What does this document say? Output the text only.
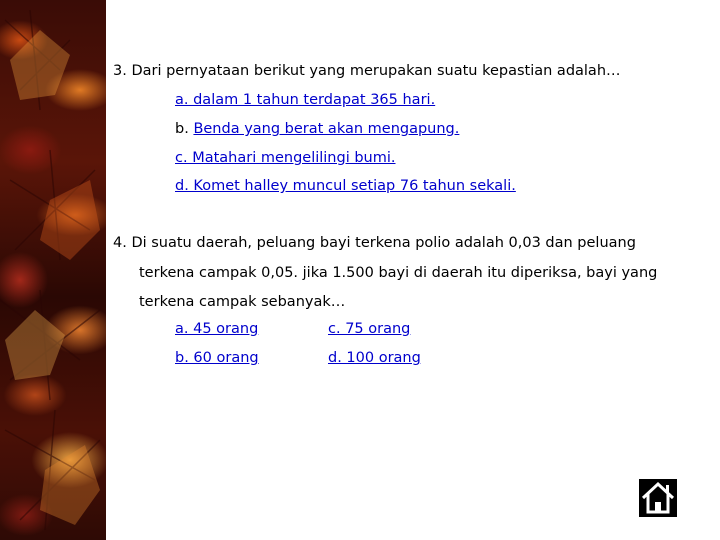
3. Dari pernyataan berikut yang merupakan suatu kepastian adalah…
a. dalam 1 tahun terdapat 365 hari.
b. Benda yang berat akan mengapung.
c. Matahari mengelilingi bumi.
d. Komet halley muncul setiap 76 tahun sekali.
4. Di suatu daerah, peluang bayi terkena polio adalah 0,03 dan peluang
terkena campak 0,05. jika 1.500 bayi di daerah itu diperiksa, bayi yang
terkena campak sebanyak…
a. 45 orang	c. 75 orang
b. 60 orang	d. 100 orang
